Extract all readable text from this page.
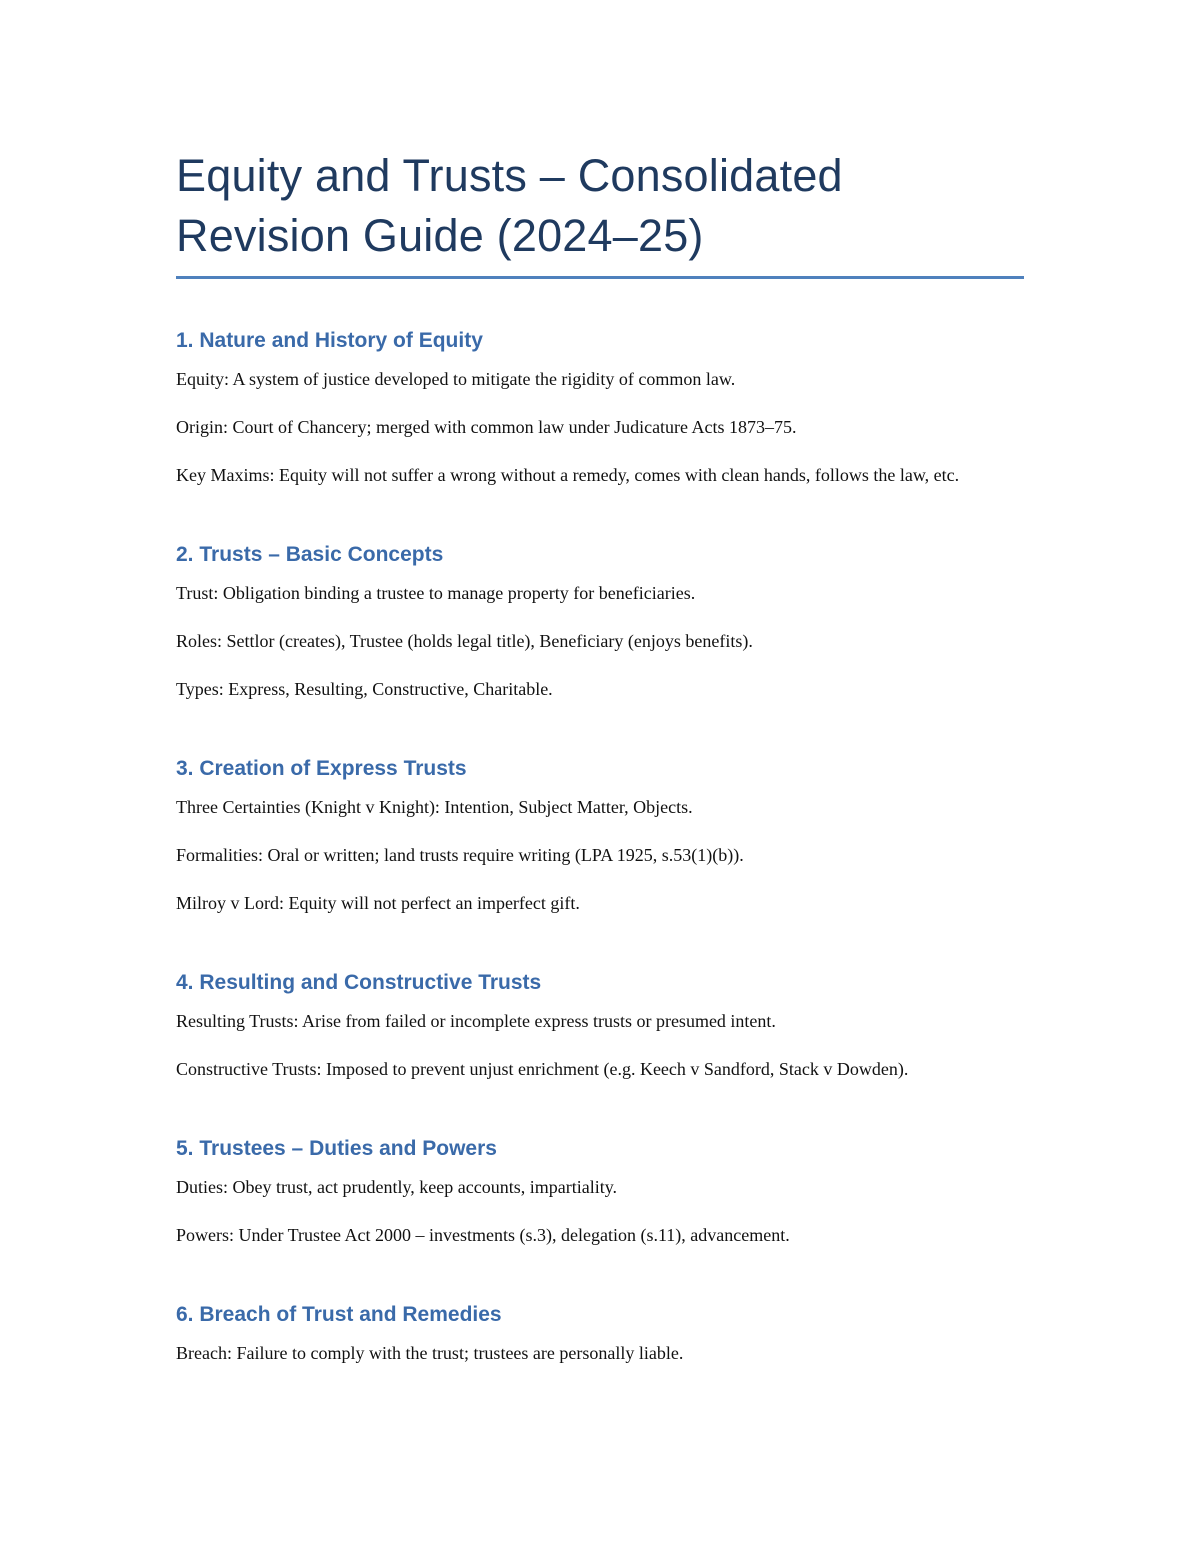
Equity and Trusts – Consolidated
Revision Guide (2024–25)
1. Nature and History of Equity

Equity: A system of justice developed to mitigate the rigidity of common law.

Origin: Court of Chancery; merged with common law under Judicature Acts 1873–75.

Key Maxims: Equity will not suffer a wrong without a remedy, comes with clean hands, follows the law, etc.

2. Trusts – Basic Concepts

Trust: Obligation binding a trustee to manage property for beneficiaries.

Roles: Settlor (creates), Trustee (holds legal title), Beneficiary (enjoys benefits).

Types: Express, Resulting, Constructive, Charitable.

3. Creation of Express Trusts

Three Certainties (Knight v Knight): Intention, Subject Matter, Objects.

Formalities: Oral or written; land trusts require writing (LPA 1925, s.53(1)(b)).

Milroy v Lord: Equity will not perfect an imperfect gift.

4. Resulting and Constructive Trusts

Resulting Trusts: Arise from failed or incomplete express trusts or presumed intent.

Constructive Trusts: Imposed to prevent unjust enrichment (e.g. Keech v Sandford, Stack v Dowden).

5. Trustees – Duties and Powers

Duties: Obey trust, act prudently, keep accounts, impartiality.

Powers: Under Trustee Act 2000 – investments (s.3), delegation (s.11), advancement.

6. Breach of Trust and Remedies

Breach: Failure to comply with the trust; trustees are personally liable.
